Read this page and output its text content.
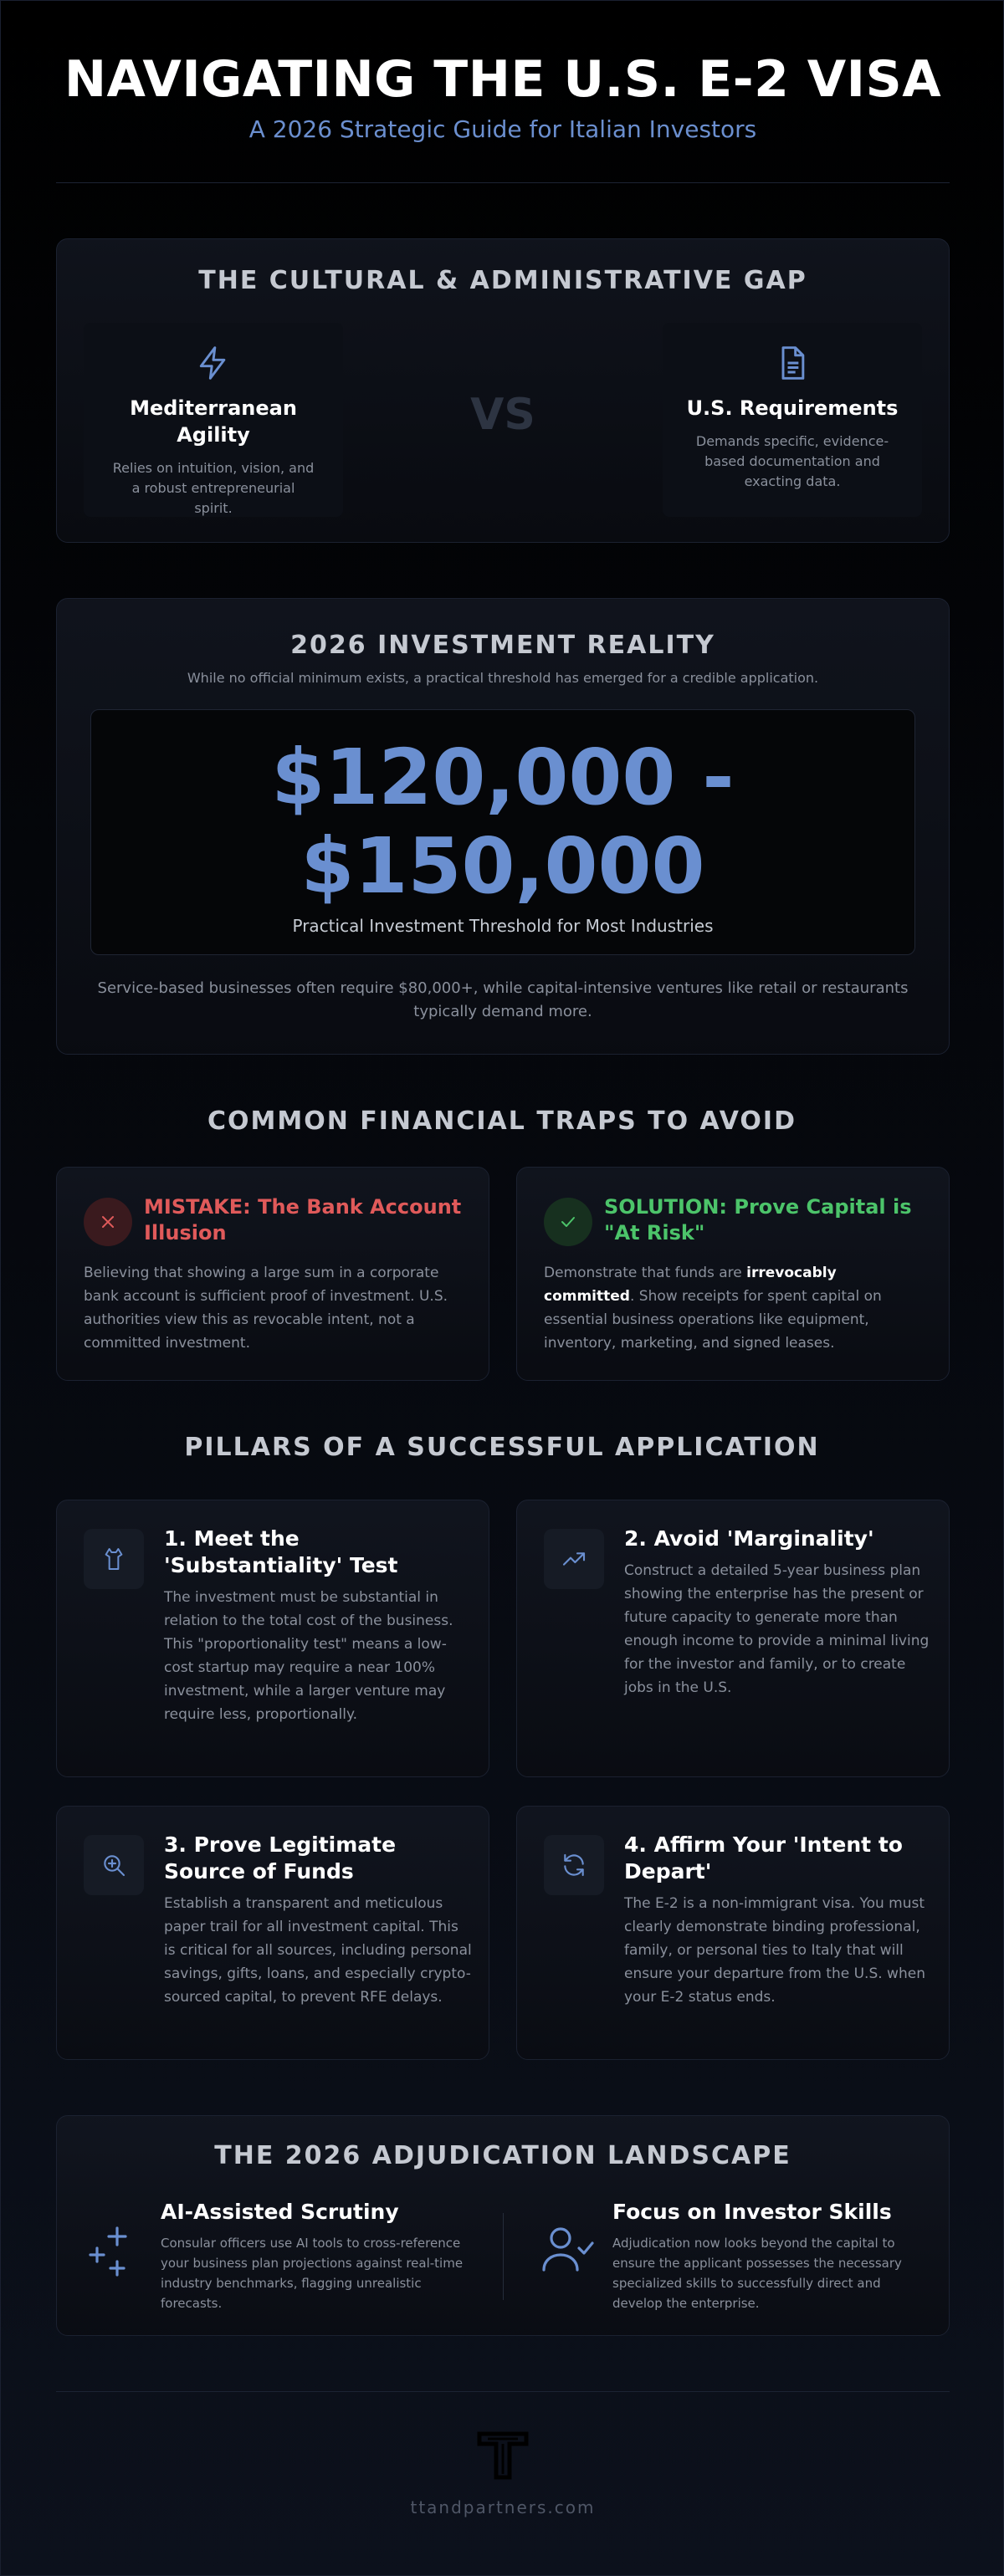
NAVIGATING THE U.S. E-2 VISA
A 2026 Strategic Guide for Italian Investors
THE CULTURAL & ADMINISTRATIVE GAP
Mediterranean Agility
Relies on intuition, vision, and a robust entrepreneurial spirit.
VS	U.S. Requirements
Demands specific, evidence-based documentation and exacting data.
2026 INVESTMENT REALITY
While no official minimum exists, a practical threshold has emerged for a credible application.
$120,000 -
$150,000
Practical Investment Threshold for Most Industries
Service-based businesses often require $80,000+, while capital-intensive ventures like retail or restaurants typically demand more.
COMMON FINANCIAL TRAPS TO AVOID
MISTAKE: The Bank Account Illusion
Believing that showing a large sum in a corporate bank account is sufficient proof of investment. U.S. authorities view this as revocable intent, not a committed investment.
SOLUTION: Prove Capital is "At Risk"
Demonstrate that funds are irrevocably committed. Show receipts for spent capital on essential business operations like equipment, inventory, marketing, and signed leases.
PILLARS OF A SUCCESSFUL APPLICATION
1. Meet the 'Substantiality' Test
The investment must be substantial in relation to the total cost of the business. This "proportionality test" means a low-cost startup may require a near 100% investment, while a larger venture may require less, proportionally.
2. Avoid 'Marginality'
Construct a detailed 5-year business plan showing the enterprise has the present or future capacity to generate more than enough income to provide a minimal living for the investor and family, or to create jobs in the U.S.
3. Prove Legitimate Source of Funds
Establish a transparent and meticulous paper trail for all investment capital. This is critical for all sources, including personal savings, gifts, loans, and especially crypto-sourced capital, to prevent RFE delays.
4. Affirm Your 'Intent to Depart'
The E-2 is a non-immigrant visa. You must clearly demonstrate binding professional, family, or personal ties to Italy that will ensure your departure from the U.S. when your E-2 status ends.
THE 2026 ADJUDICATION LANDSCAPE
AI-Assisted Scrutiny
Consular officers use AI tools to cross-reference your business plan projections against real-time industry benchmarks, flagging unrealistic forecasts.
Focus on Investor Skills
Adjudication now looks beyond the capital to ensure the applicant possesses the necessary specialized skills to successfully direct and develop the enterprise.
ttandpartners.com
